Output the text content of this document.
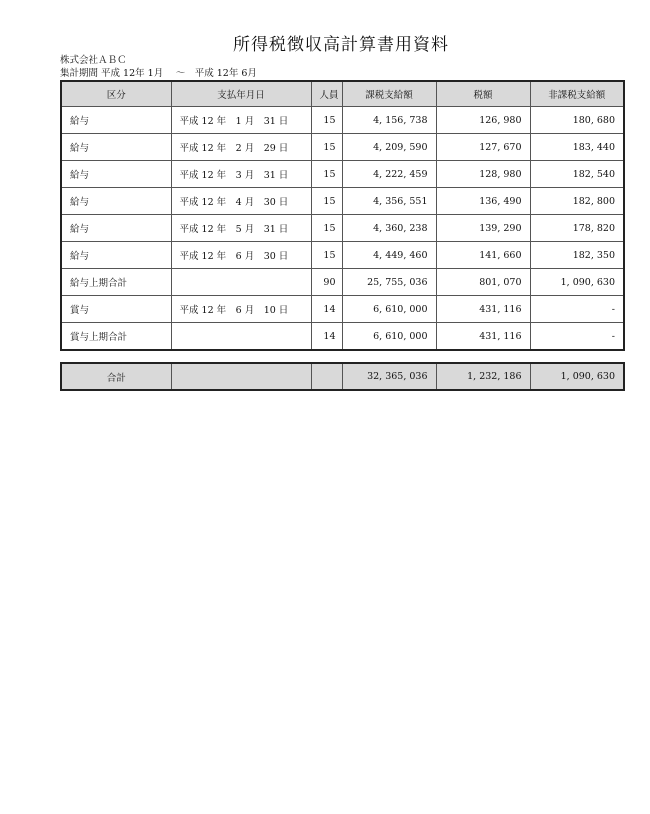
所得税徴収高計算書用資料
株式会社ＡＢＣ
集計期間 平成 12年 1月　 ～　平成 12年 6月
区分	支払年月日	人員	課税支給額	税額	非課税支給額
給与	平成 12 年　1 月　31 日	15	4, 156, 738	126, 980	180, 680
給与	平成 12 年　2 月　29 日	15	4, 209, 590	127, 670	183, 440
給与	平成 12 年　3 月　31 日	15	4, 222, 459	128, 980	182, 540
給与	平成 12 年　4 月　30 日	15	4, 356, 551	136, 490	182, 800
給与	平成 12 年　5 月　31 日	15	4, 360, 238	139, 290	178, 820
給与	平成 12 年　6 月　30 日	15	4, 449, 460	141, 660	182, 350
給与上期合計		90	25, 755, 036	801, 070	1, 090, 630
賞与	平成 12 年　6 月　10 日	14	6, 610, 000	431, 116	-
賞与上期合計		14	6, 610, 000	431, 116	-
合計			32, 365, 036	1, 232, 186	1, 090, 630
